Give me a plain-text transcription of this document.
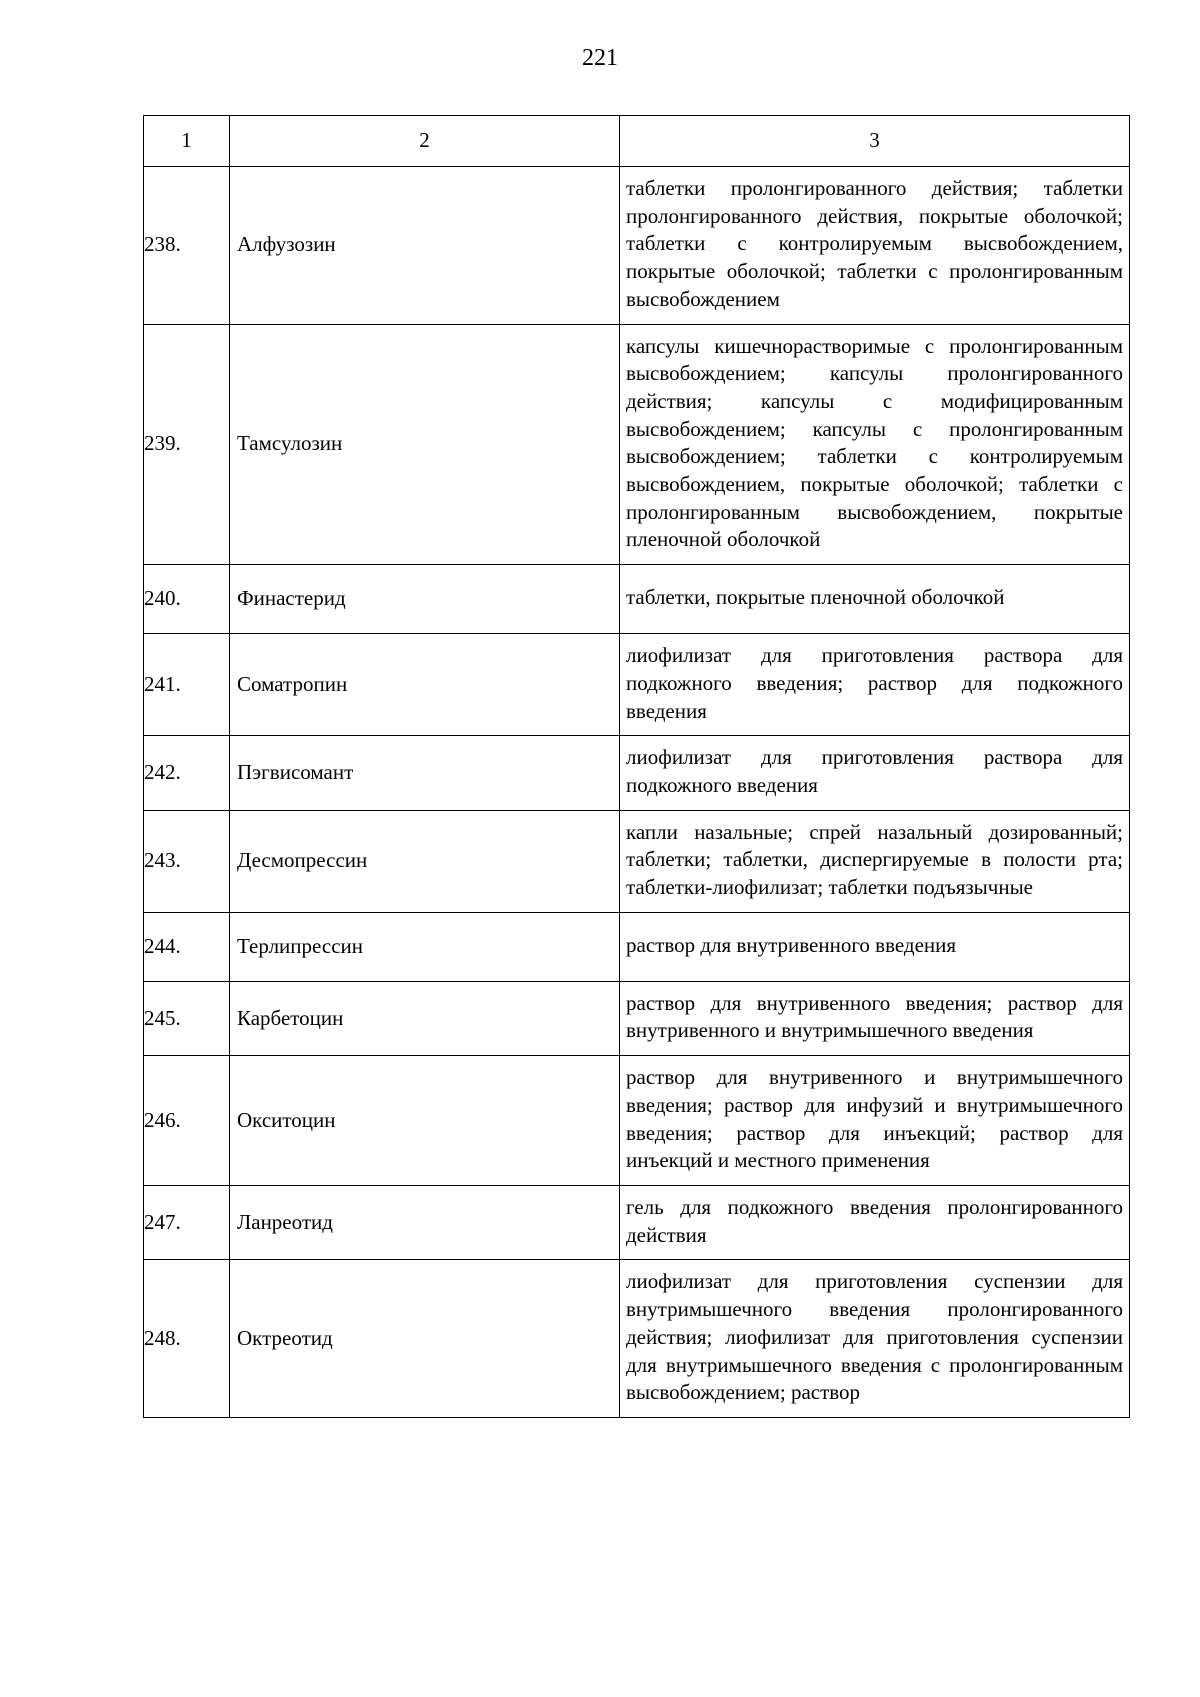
221
1	2	3
238.	Алфузозин	таблетки пролонгированного действия; таблетки пролонгированного действия, покрытые оболочкой; таблетки с контролируемым высвобождением, покрытые оболочкой; таблетки с пролонгированным высвобождением
239.	Тамсулозин	капсулы кишечнорастворимые с пролонгированным высвобождением; капсулы пролонгированного действия; капсулы с модифицированным высвобождением; капсулы с пролонгированным высвобождением; таблетки с контролируемым высвобождением, покрытые оболочкой; таблетки с пролонгированным высвобождением, покрытые пленочной оболочкой
240.	Финастерид	таблетки, покрытые пленочной оболочкой
241.	Соматропин	лиофилизат для приготовления раствора для подкожного введения; раствор для подкожного введения
242.	Пэгвисомант	лиофилизат для приготовления раствора для подкожного введения
243.	Десмопрессин	капли назальные; спрей назальный дозированный; таблетки; таблетки, диспергируемые в полости рта; таблетки-лиофилизат; таблетки подъязычные
244.	Терлипрессин	раствор для внутривенного введения
245.	Карбетоцин	раствор для внутривенного введения; раствор для внутривенного и внутримышечного введения
246.	Окситоцин	раствор для внутривенного и внутримышечного введения; раствор для инфузий и внутримышечного введения; раствор для инъекций; раствор для инъекций и местного применения
247.	Ланреотид	гель для подкожного введения пролонгированного действия
248.	Октреотид	лиофилизат для приготовления суспензии для внутримышечного введения пролонгированного действия; лиофилизат для приготовления суспензии для внутримышечного введения с пролонгированным высвобождением; раствор
